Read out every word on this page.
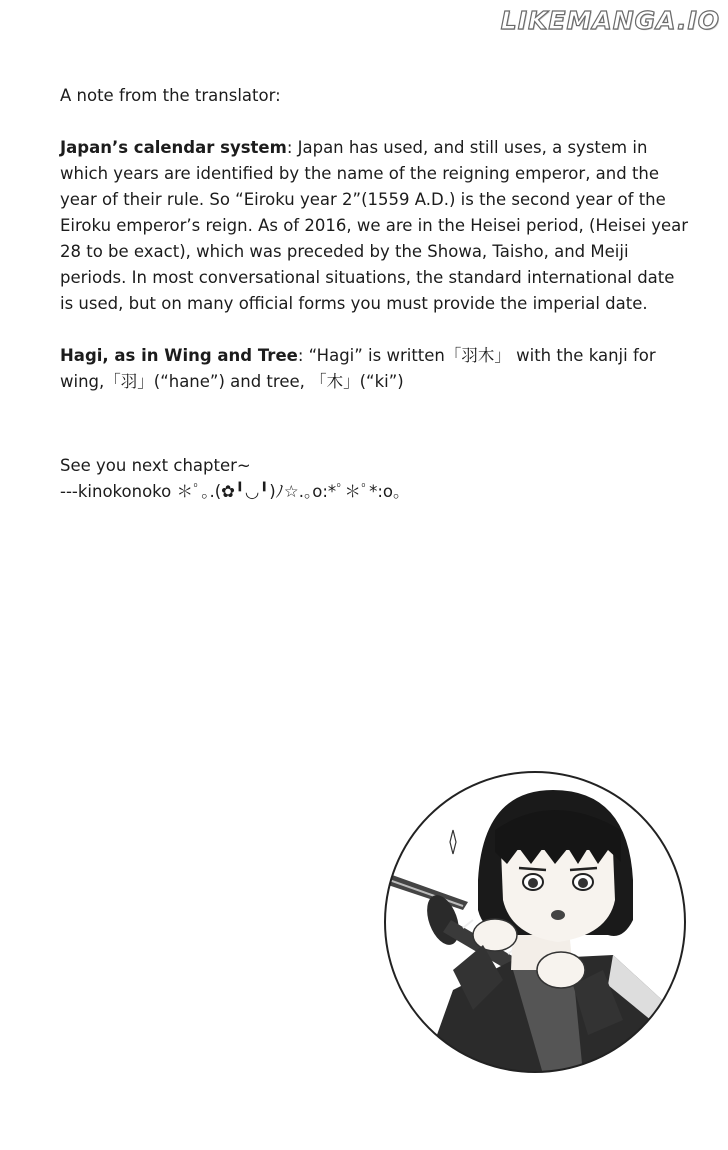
LIKEMANGA.IO

A note from the translator:

Japan’s calendar system: Japan has used, and still uses, a system in which years are identified by the name of the reigning emperor, and the year of their rule. So “Eiroku year 2”(1559 A.D.) is the second year of the Eiroku emperor’s reign. As of 2016, we are in the Heisei period, (Heisei year 28 to be exact), which was preceded by the Showa, Taisho, and Meiji periods. In most conversational situations, the standard international date is used, but on many official forms you must provide the imperial date.

Hagi, as in Wing and Tree: “Hagi” is written「羽木」 with the kanji for wing,「羽」(“hane”) and tree, 「木」(“ki”)

See you next chapter~

---kinokonoko ＊ﾟ｡.(✿╹◡╹)ﾉ☆.｡o:*ﾟ＊ﾟ*:o｡
